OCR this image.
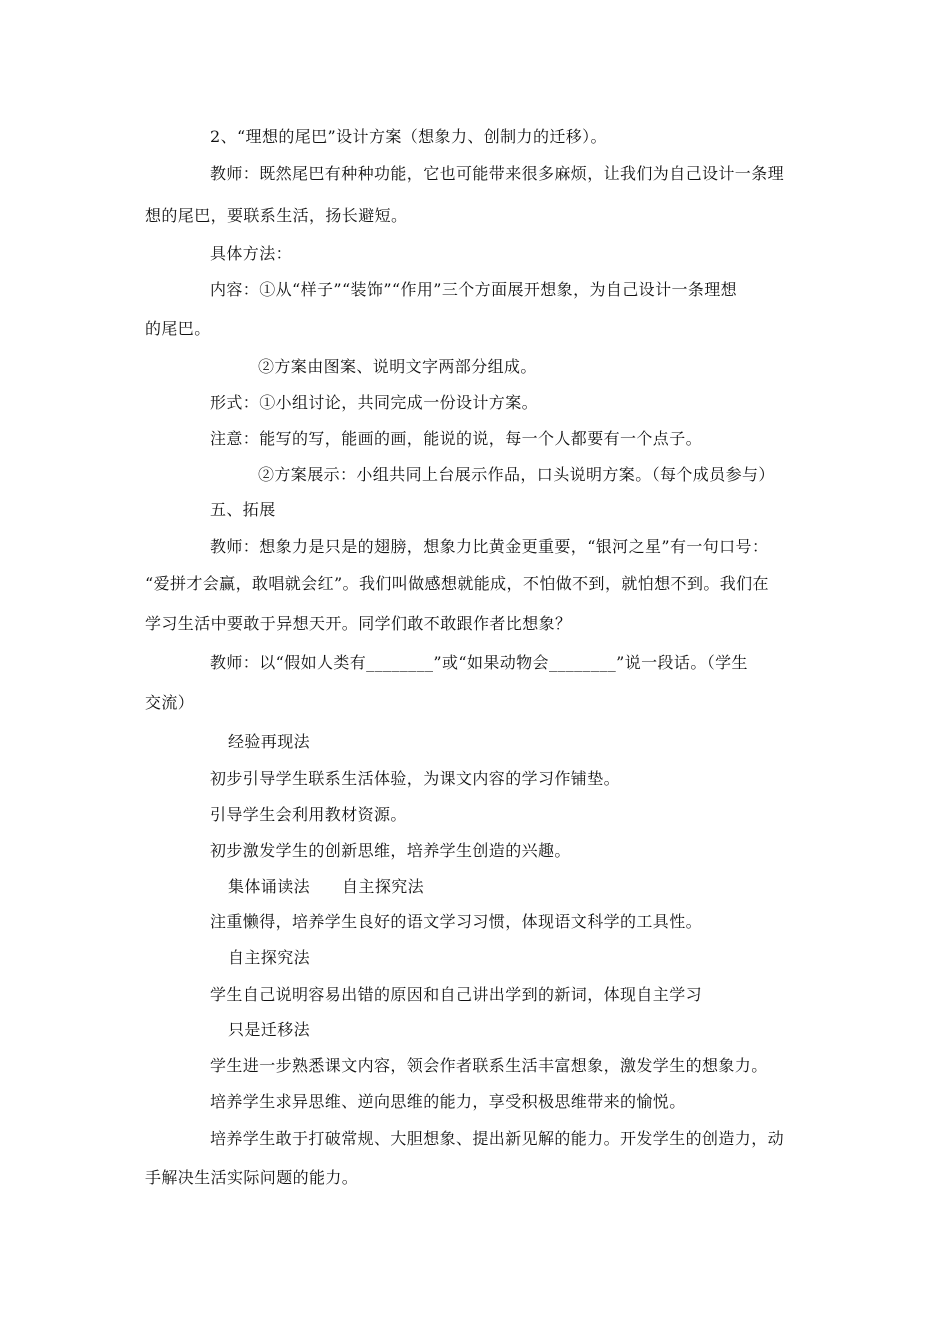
2、“理想的尾巴”设计方案（想象力、创制力的迁移）。
教师：既然尾巴有种种功能，它也可能带来很多麻烦，让我们为自己设计一条理
想的尾巴，要联系生活，扬长避短。
具体方法：
内容：①从“样子”“装饰”“作用”三个方面展开想象，为自己设计一条理想
的尾巴。
②方案由图案、说明文字两部分组成。
形式：①小组讨论，共同完成一份设计方案。
注意：能写的写，能画的画，能说的说，每一个人都要有一个点子。
②方案展示：小组共同上台展示作品，口头说明方案。（每个成员参与）
五、拓展
教师：想象力是只是的翅膀，想象力比黄金更重要，“银河之星”有一句口号：
“爱拼才会赢，敢唱就会红”。我们叫做感想就能成，不怕做不到，就怕想不到。我们在
学习生活中要敢于异想天开。同学们敢不敢跟作者比想象？
教师：以“假如人类有________”或“如果动物会________”说一段话。（学生
交流）
经验再现法
初步引导学生联系生活体验，为课文内容的学习作铺垫。
引导学生会利用教材资源。
初步激发学生的创新思维，培养学生创造的兴趣。
集体诵读法 自主探究法
注重懒得，培养学生良好的语文学习习惯，体现语文科学的工具性。
自主探究法
学生自己说明容易出错的原因和自己讲出学到的新词，体现自主学习
只是迁移法
学生进一步熟悉课文内容，领会作者联系生活丰富想象，激发学生的想象力。
培养学生求异思维、逆向思维的能力，享受积极思维带来的愉悦。
培养学生敢于打破常规、大胆想象、提出新见解的能力。开发学生的创造力，动
手解决生活实际问题的能力。
